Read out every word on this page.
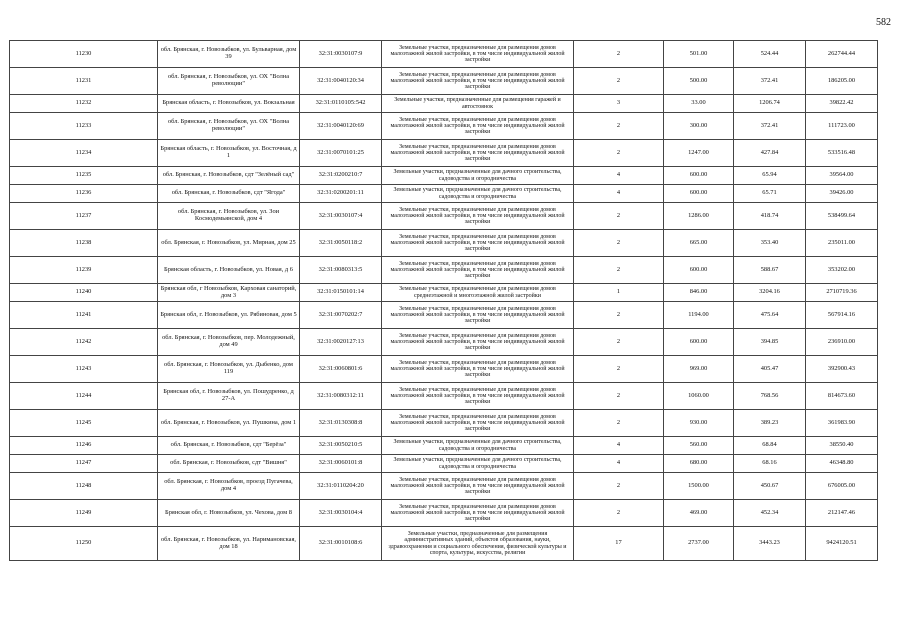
582
11230	обл. Брянская, г. Новозыбков, ул. Бульварная, дом 39	32:31:0030107:9	Земельные участки, предназначенные для размещения домов малоэтажной жилой застройки, в том числе индивидуальной жилой застройки	2	501.00	524.44	262744.44
11231	обл. Брянская, г. Новозыбков, ул. ОХ "Волна революции"	32:31:0040120:34	Земельные участки, предназначенные для размещения домов малоэтажной жилой застройки, в том числе индивидуальной жилой застройки	2	500.00	372.41	186205.00
11232	Брянская область, г. Новозыбков, ул. Вокзальная	32:31:0110105:542	Земельные участки, предназначенные для размещения гаражей и автостоянок	3	33.00	1206.74	39822.42
11233	обл. Брянская, г. Новозыбков, ул. ОХ "Волна революции"	32:31:0040120:69	Земельные участки, предназначенные для размещения домов малоэтажной жилой застройки, в том числе индивидуальной жилой застройки	2	300.00	372.41	111723.00
11234	Брянская область, г. Новозыбков, ул. Восточная, д 1	32:31:0070101:25	Земельные участки, предназначенные для размещения домов малоэтажной жилой застройки, в том числе индивидуальной жилой застройки	2	1247.00	427.84	533516.48
11235	обл. Брянская, г. Новозыбков, сдт "Зелёный сад"	32:31:0200210:7	Земельные участки, предназначенные для дачного строительства, садоводства и огородничества	4	600.00	65.94	39564.00
11236	обл. Брянская, г. Новозыбков, сдт "Ягода"	32:31:0200201:11	Земельные участки, предназначенные для дачного строительства, садоводства и огородничества	4	600.00	65.71	39426.00
11237	обл. Брянская, г. Новозыбков, ул. Зои Космодемьянской, дом 4	32:31:0030107:4	Земельные участки, предназначенные для размещения домов малоэтажной жилой застройки, в том числе индивидуальной жилой застройки	2	1286.00	418.74	538499.64
11238	обл. Брянская, г. Новозыбков, ул. Мирная, дом 25	32:31:0050118:2	Земельные участки, предназначенные для размещения домов малоэтажной жилой застройки, в том числе индивидуальной жилой застройки	2	665.00	353.40	235011.00
11239	Брянская область, г. Новозыбков, ул. Новая, д 6	32:31:0080313:5	Земельные участки, предназначенные для размещения домов малоэтажной жилой застройки, в том числе индивидуальной жилой застройки	2	600.00	588.67	353202.00
11240	Брянская обл, г Новозыбков, Карховая санаторий, дом 3	32:31:0150101:14	Земельные участки, предназначенные для размещения домов среднеэтажной и многоэтажной жилой застройки	1	846.00	3204.16	2710719.36
11241	Брянская обл, г. Новозыбков, ул. Рябиновая, дом 5	32:31:0070202:7	Земельные участки, предназначенные для размещения домов малоэтажной жилой застройки, в том числе индивидуальной жилой застройки	2	1194.00	475.64	567914.16
11242	обл. Брянская, г. Новозыбков, пер. Молодежный, дом 49	32:31:0020127:13	Земельные участки, предназначенные для размещения домов малоэтажной жилой застройки, в том числе индивидуальной жилой застройки	2	600.00	394.85	236910.00
11243	обл. Брянская, г. Новозыбков, ул. Дыбенко, дом 119	32:31:0060801:6	Земельные участки, предназначенные для размещения домов малоэтажной жилой застройки, в том числе индивидуальной жилой застройки	2	969.00	405.47	392900.43
11244	Брянская обл, г. Новозыбков, ул. Пошудренко, д 27-А	32:31:0080312:11	Земельные участки, предназначенные для размещения домов малоэтажной жилой застройки, в том числе индивидуальной жилой застройки	2	1060.00	768.56	814673.60
11245	обл. Брянская, г. Новозыбков, ул. Пушкина, дом 1	32:31:0130308:8	Земельные участки, предназначенные для размещения домов малоэтажной жилой застройки, в том числе индивидуальной жилой застройки	2	930.00	389.23	361983.90
11246	обл. Брянская, г. Новозыбков, сдт "Берёза"	32:31:0050210:5	Земельные участки, предназначенные для дачного строительства, садоводства и огородничества	4	560.00	68.84	38550.40
11247	обл. Брянская, г. Новозыбков, сдт "Вишня"	32:31:0060101:8	Земельные участки, предназначенные для дачного строительства, садоводства и огородничества	4	680.00	68.16	46348.80
11248	обл. Брянская, г. Новозыбков, проезд Пугачева, дом 4	32:31:0110204:20	Земельные участки, предназначенные для размещения домов малоэтажной жилой застройки, в том числе индивидуальной жилой застройки	2	1500.00	450.67	676005.00
11249	Брянская обл, г. Новозыбков, ул. Чехова, дом 8	32:31:0030104:4	Земельные участки, предназначенные для размещения домов малоэтажной жилой застройки, в том числе индивидуальной жилой застройки	2	469.00	452.34	212147.46
11250	обл. Брянская, г. Новозыбков, ул. Наримановская, дом 18	32:31:0010108:6	Земельные участки, предназначенные для размещения административных зданий, объектов образования, науки, здравоохранения и социального обеспечения, физической культуры и спорта, культуры, искусства, религии	17	2737.00	3443.23	9424120.51
